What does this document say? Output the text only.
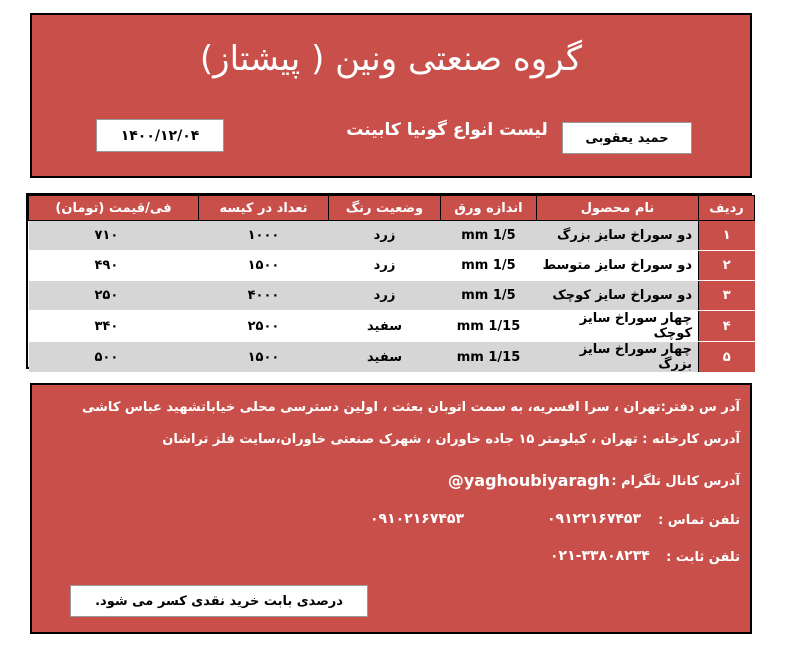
گروه صنعتی ونین ( پیشتاز)
لیست انواع گونیا کابینت
۱۴۰۰/۱۲/۰۴	حمید یعقوبی
ردیف	نام محصول	اندازه ورق	وضعیت رنگ	تعداد در کیسه	فی/قیمت (تومان)
۱	دو سوراخ سایز بزرگ	mm 1/5	زرد	۱۰۰۰	۷۱۰
۲	دو سوراخ سایز متوسط	mm 1/5	زرد	۱۵۰۰	۴۹۰
۳	دو سوراخ سایز کوچک	mm 1/5	زرد	۴۰۰۰	۲۵۰
۴	چهار سوراخ سایز کوچک	mm 1/15	سفید	۲۵۰۰	۳۴۰
۵	چهار سوراخ سایز بزرگ	mm 1/15	سفید	۱۵۰۰	۵۰۰
آدر س دفتر:تهران ، سرا افسریه، به سمت اتوبان بعثت ، اولین دسترسی محلی خیاباتشهید عباس کاشی
آدرس کارخانه : تهران ، کیلومتر ۱۵ جاده خاوران ، شهرک صنعتی خاوران،سایت فلز تراشان
آدرس کانال تلگرام :
@yaghoubiyaragh
تلفن تماس :
۰۹۱۲۲۱۶۷۴۵۳
۰۹۱۰۲۱۶۷۴۵۳
تلفن ثابت :
۰۲۱-۳۳۸۰۸۲۳۴
درصدی بابت خرید نقدی کسر می شود.
